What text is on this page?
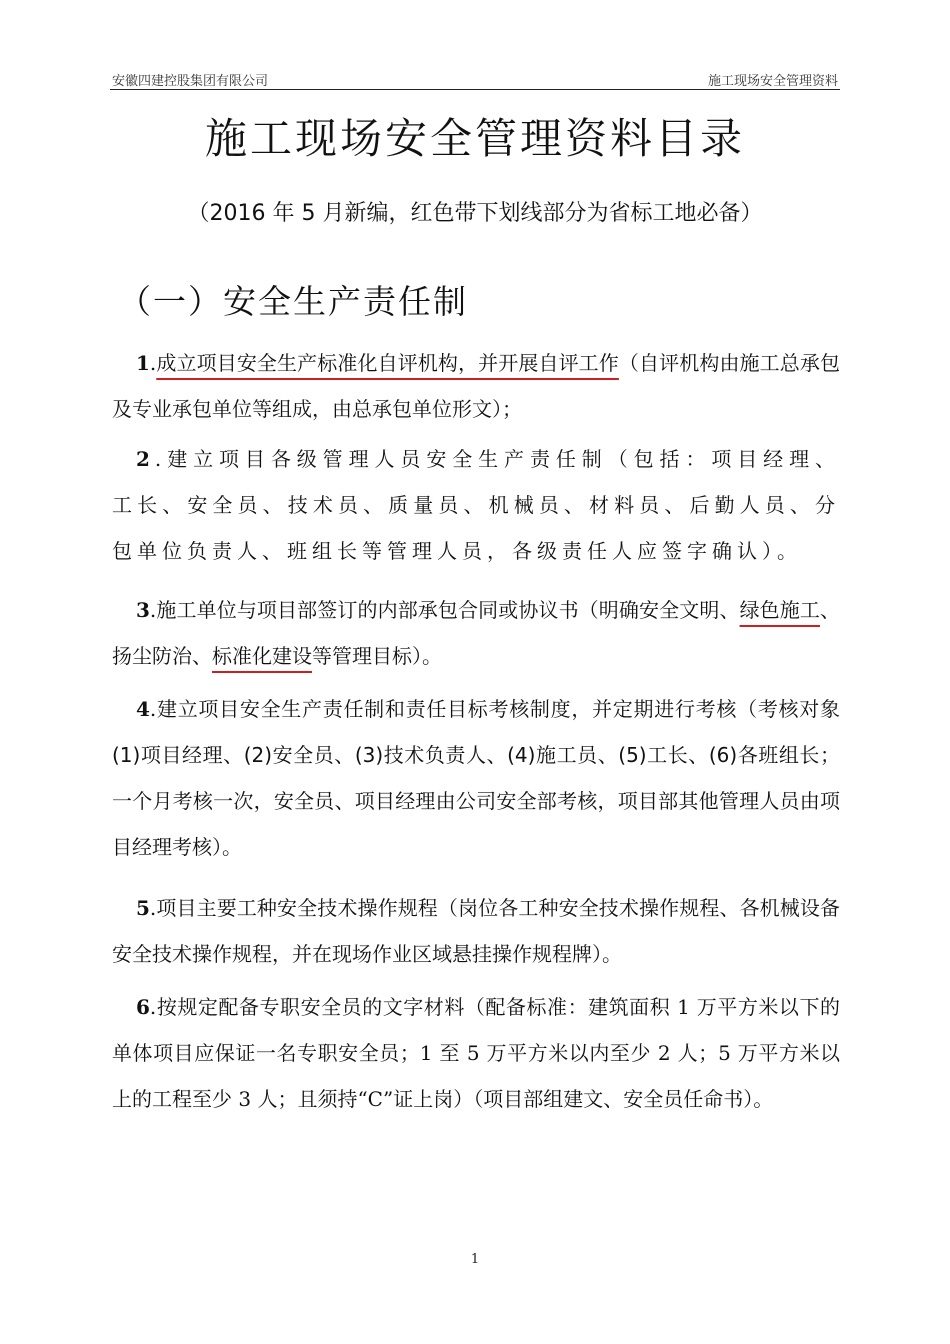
安徽四建控股集团有限公司	施工现场安全管理资料
施工现场安全管理资料目录
（2016 年 5 月新编，红色带下划线部分为省标工地必备）
（一）安全生产责任制
1.成立项目安全生产标准化自评机构，并开展自评工作（自评机构由施工总承包及专业承包单位等组成，由总承包单位形文）；
2.建立项目各级管理人员安全生产责任制（包括：项目经理、工长、安全员、技术员、质量员、机械员、材料员、后勤人员、分包单位负责人、班组长等管理人员，各级责任人应签字确认）。
3.施工单位与项目部签订的内部承包合同或协议书（明确安全文明、绿色施工、扬尘防治、标准化建设等管理目标）。
4.建立项目安全生产责任制和责任目标考核制度，并定期进行考核（考核对象(1)项目经理、(2)安全员、(3)技术负责人、(4)施工员、(5)工长、(6)各班组长；一个月考核一次，安全员、项目经理由公司安全部考核，项目部其他管理人员由项目经理考核）。
5.项目主要工种安全技术操作规程（岗位各工种安全技术操作规程、各机械设备安全技术操作规程，并在现场作业区域悬挂操作规程牌）。
6.按规定配备专职安全员的文字材料（配备标准：建筑面积 1 万平方米以下的单体项目应保证一名专职安全员；1 至 5 万平方米以内至少 2 人；5 万平方米以上的工程至少 3 人；且须持“C”证上岗）（项目部组建文、安全员任命书）。
1
